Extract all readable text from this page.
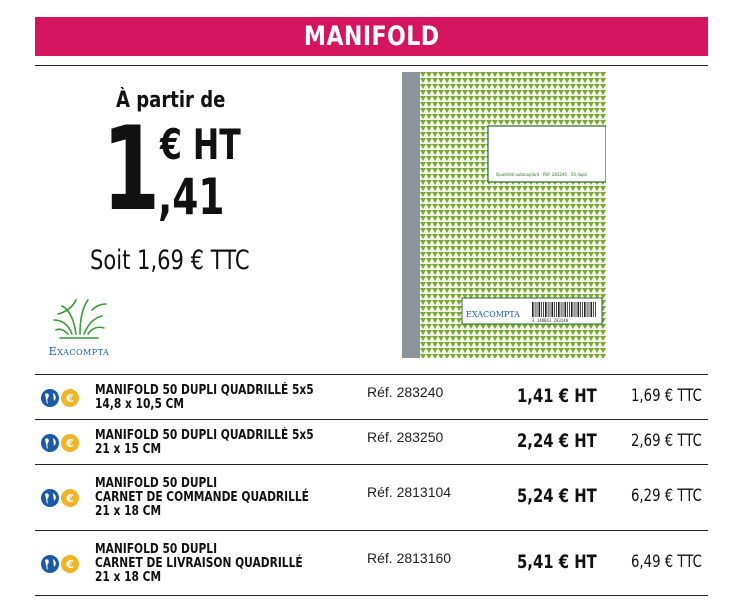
MANIFOLD
À partir de
1 € HT
,41
Soit 1,69 € TTC
Exacompta
Quadrillé autocopiant · Réf. 283240 · 50 dupli
EXACOMPTA
3 140863 283240
€
MANIFOLD 50 DUPLI QUADRILLÉ 5x5
14,8 x 10,5 CM
Réf. 283240	1,41 € HT 1,69 € TTC
€
MANIFOLD 50 DUPLI QUADRILLÉ 5x5
21 x 15 CM
Réf. 283250	2,24 € HT 2,69 € TTC
€
MANIFOLD 50 DUPLI
CARNET DE COMMANDE QUADRILLÉ
21 x 18 CM
Réf. 2813104	5,24 € HT 6,29 € TTC
€
MANIFOLD 50 DUPLI
CARNET DE LIVRAISON QUADRILLÉ
21 x 18 CM
Réf. 2813160	5,41 € HT 6,49 € TTC
